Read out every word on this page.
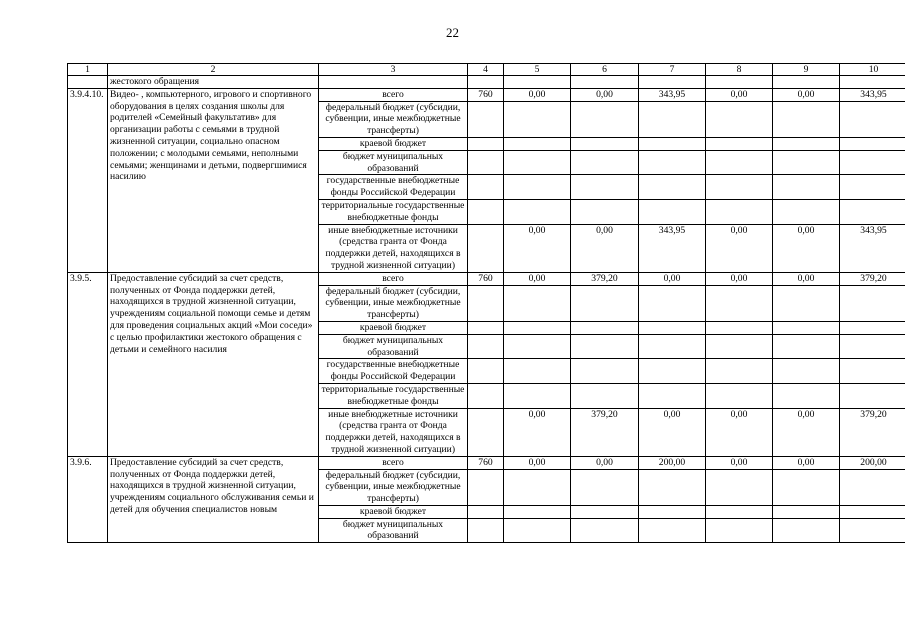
22
1	2	3	4	5	6	7	8	9	10
	жестокого обращения								
3.9.4.10.	Видео- , компьютерного, игрового и спортивного оборудования в целях создания школы для родителей «Семейный факультатив» для организации работы с семьями в трудной жизненной ситуации, социально опасном положении; с молодыми семьями, неполными семьями; женщинами и детьми, подвергшимися насилию	всего	760	0,00	0,00	343,95	0,00	0,00	343,95
		федеральный бюджет (субсидии, субвенции, иные межбюджетные трансферты)							
		краевой бюджет							
		бюджет муниципальных образований							
		государственные внебюджетные фонды Российской Федерации							
		территориальные государственные внебюджетные фонды							
		иные внебюджетные источники (средства гранта от Фонда поддержки детей, находящихся в трудной жизненной ситуации)		0,00	0,00	343,95	0,00	0,00	343,95
3.9.5.	Предоставление субсидий за счет средств, полученных от Фонда поддержки детей, находящихся в трудной жизненной ситуации, учреждениям социальной помощи семье и детям для проведения социальных акций «Мои соседи» с целью профилактики жестокого обращения с детьми и семейного насилия	всего	760	0,00	379,20	0,00	0,00	0,00	379,20
		федеральный бюджет (субсидии, субвенции, иные межбюджетные трансферты)							
		краевой бюджет							
		бюджет муниципальных образований							
		государственные внебюджетные фонды Российской Федерации							
		территориальные государственные внебюджетные фонды							
		иные внебюджетные источники (средства гранта от Фонда поддержки детей, находящихся в трудной жизненной ситуации)		0,00	379,20	0,00	0,00	0,00	379,20
3.9.6.	Предоставление субсидий за счет средств, полученных от Фонда поддержки детей, находящихся в трудной жизненной ситуации, учреждениям социального обслуживания семьи и детей для обучения специалистов новым	всего	760	0,00	0,00	200,00	0,00	0,00	200,00
		федеральный бюджет (субсидии, субвенции, иные межбюджетные трансферты)							
		краевой бюджет							
		бюджет муниципальных образований							
